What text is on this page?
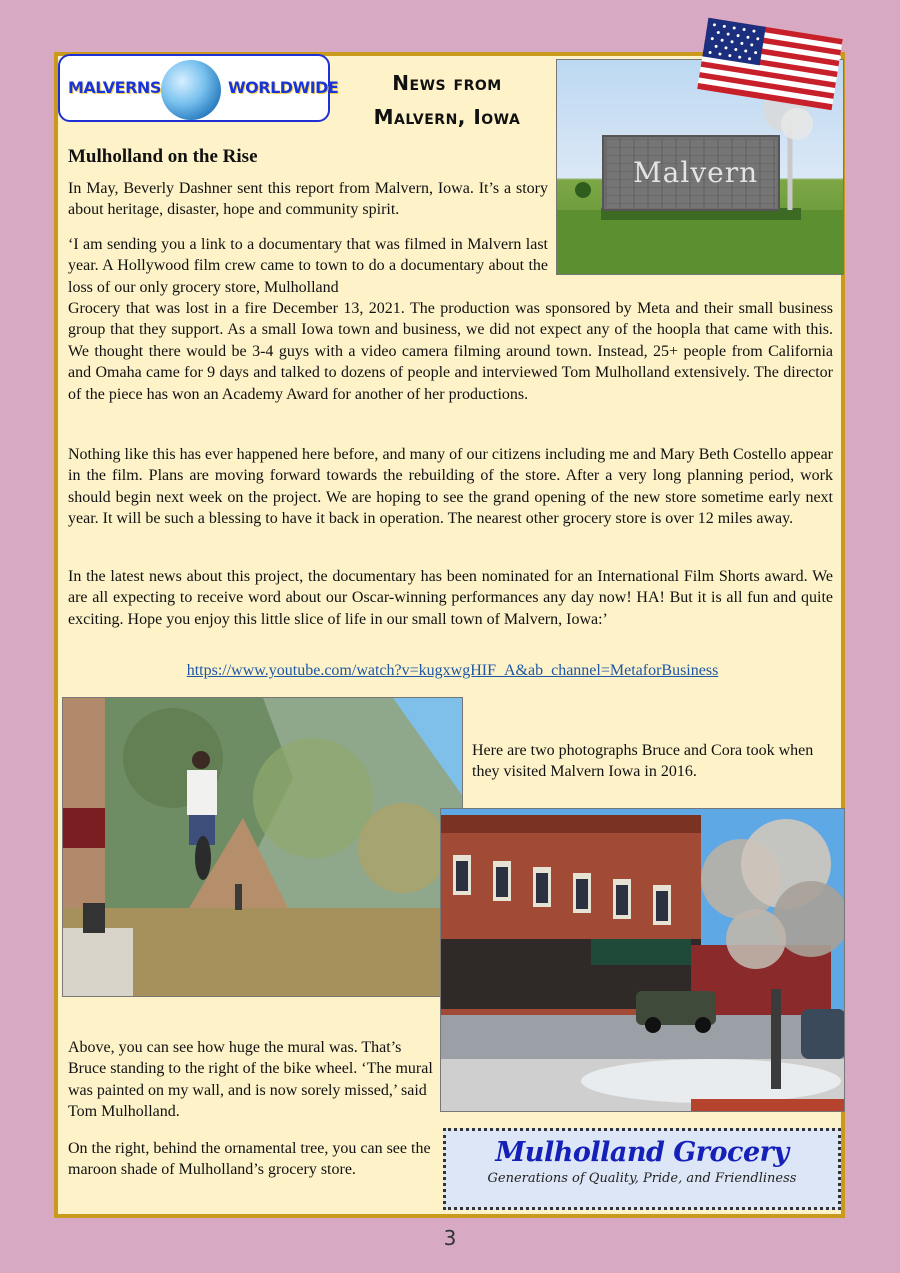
MALVERNS	WORLDWIDE	News from
Malvern, Iowa
Malvern
Mulholland on the Rise
In May, Beverly Dashner sent this report from Malvern, Iowa. It’s a story about heritage, disaster, hope and community spirit.
‘I am sending you a link to a documentary that was filmed in Malvern last year. A Hollywood film crew came to town to do a documentary about the loss of our only grocery store, Mulholland
Grocery that was lost in a fire December 13, 2021. The production was sponsored by Meta and their small business group that they support. As a small Iowa town and business, we did not expect any of the hoopla that came with this. We thought there would be 3-4 guys with a video camera filming around town. Instead, 25+ people from California and Omaha came for 9 days and talked to dozens of people and interviewed Tom Mulholland extensively. The director of the piece has won an Academy Award for another of her productions.
Nothing like this has ever happened here before, and many of our citizens including me and Mary Beth Costello appear in the film. Plans are moving forward towards the rebuilding of the store. After a very long planning period, work should begin next week on the project. We are hoping to see the grand opening of the new store sometime early next year. It will be such a blessing to have it back in operation. The nearest other grocery store is over 12 miles away.
In the latest news about this project, the documentary has been nominated for an International Film Shorts award. We are all expecting to receive word about our Oscar-winning performances any day now! HA! But it is all fun and quite exciting. Hope you enjoy this little slice of life in our small town of Malvern, Iowa:’
https://www.youtube.com/watch?v=kugxwgHIF_A&ab_channel=MetaforBusiness
Here are two photographs Bruce and Cora took when they visited Malvern Iowa in 2016.
Above, you can see how huge the mural was. That’s Bruce standing to the right of the bike wheel. ‘The mural was painted on my wall, and is now sorely missed,’ said Tom Mulholland.
On the right, behind the ornamental tree, you can see the maroon shade of Mulholland’s grocery store.
Mulholland Grocery
Generations of Quality, Pride, and Friendliness
3
